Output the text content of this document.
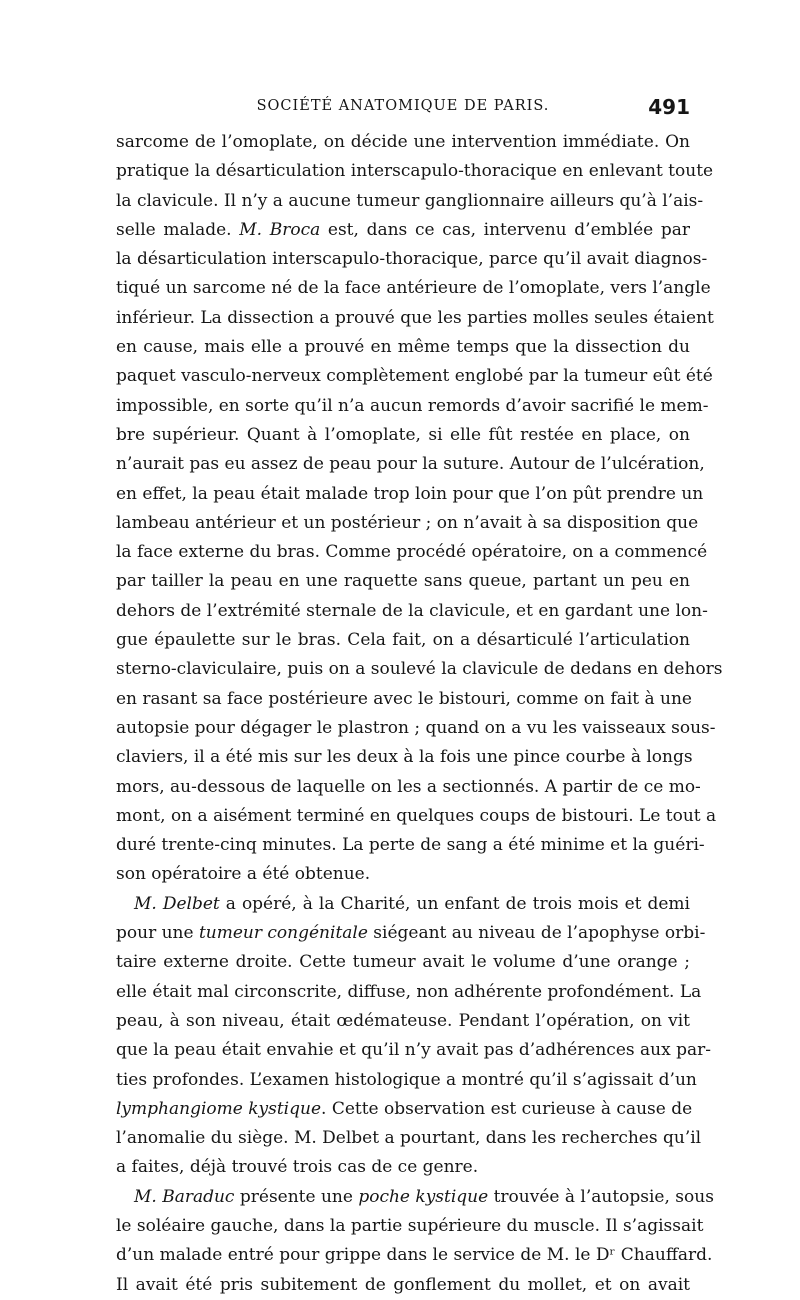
SOCIÉTÉ ANATOMIQUE DE PARIS.	491
sarcome de l’omoplate, on décide une intervention immédiate. On
pratique la désarticulation interscapulo-thoracique en enlevant toute
la clavicule. Il n’y a aucune tumeur ganglionnaire ailleurs qu’à l’ais-
selle malade. M. Broca est, dans ce cas, intervenu d’emblée par
la désarticulation interscapulo-thoracique, parce qu’il avait diagnos-
tiqué un sarcome né de la face antérieure de l’omoplate, vers l’angle
inférieur. La dissection a prouvé que les parties molles seules étaient
en cause, mais elle a prouvé en même temps que la dissection du
paquet vasculo-nerveux complètement englobé par la tumeur eût été
impossible, en sorte qu’il n’a aucun remords d’avoir sacrifié le mem-
bre supérieur. Quant à l’omoplate, si elle fût restée en place, on
n’aurait pas eu assez de peau pour la suture. Autour de l’ulcération,
en effet, la peau était malade trop loin pour que l’on pût prendre un
lambeau antérieur et un postérieur ; on n’avait à sa disposition que
la face externe du bras. Comme procédé opératoire, on a commencé
par tailler la peau en une raquette sans queue, partant un peu en
dehors de l’extrémité sternale de la clavicule, et en gardant une lon-
gue épaulette sur le bras. Cela fait, on a désarticulé l’articulation
sterno-claviculaire, puis on a soulevé la clavicule de dedans en dehors
en rasant sa face postérieure avec le bistouri, comme on fait à une
autopsie pour dégager le plastron ; quand on a vu les vaisseaux sous-
claviers, il a été mis sur les deux à la fois une pince courbe à longs
mors, au-dessous de laquelle on les a sectionnés. A partir de ce mo-
mont, on a aisément terminé en quelques coups de bistouri. Le tout a
duré trente-cinq minutes. La perte de sang a été minime et la guéri-
son opératoire a été obtenue.
M. Delbet a opéré, à la Charité, un enfant de trois mois et demi
pour une tumeur congénitale siégeant au niveau de l’apophyse orbi-
taire externe droite. Cette tumeur avait le volume d’une orange ;
elle était mal circonscrite, diffuse, non adhérente profondément. La
peau, à son niveau, était œdémateuse. Pendant l’opération, on vit
que la peau était envahie et qu’il n’y avait pas d’adhérences aux par-
ties profondes. L’examen histologique a montré qu’il s’agissait d’un
lymphangiome kystique. Cette observation est curieuse à cause de
l’anomalie du siège. M. Delbet a pourtant, dans les recherches qu’il
a faites, déjà trouvé trois cas de ce genre.
M. Baraduc présente une poche kystique trouvée à l’autopsie, sous
le soléaire gauche, dans la partie supérieure du muscle. Il s’agissait
d’un malade entré pour grippe dans le service de M. le Dʳ Chauffard.
Il avait été pris subitement de gonflement du mollet, et on avait
